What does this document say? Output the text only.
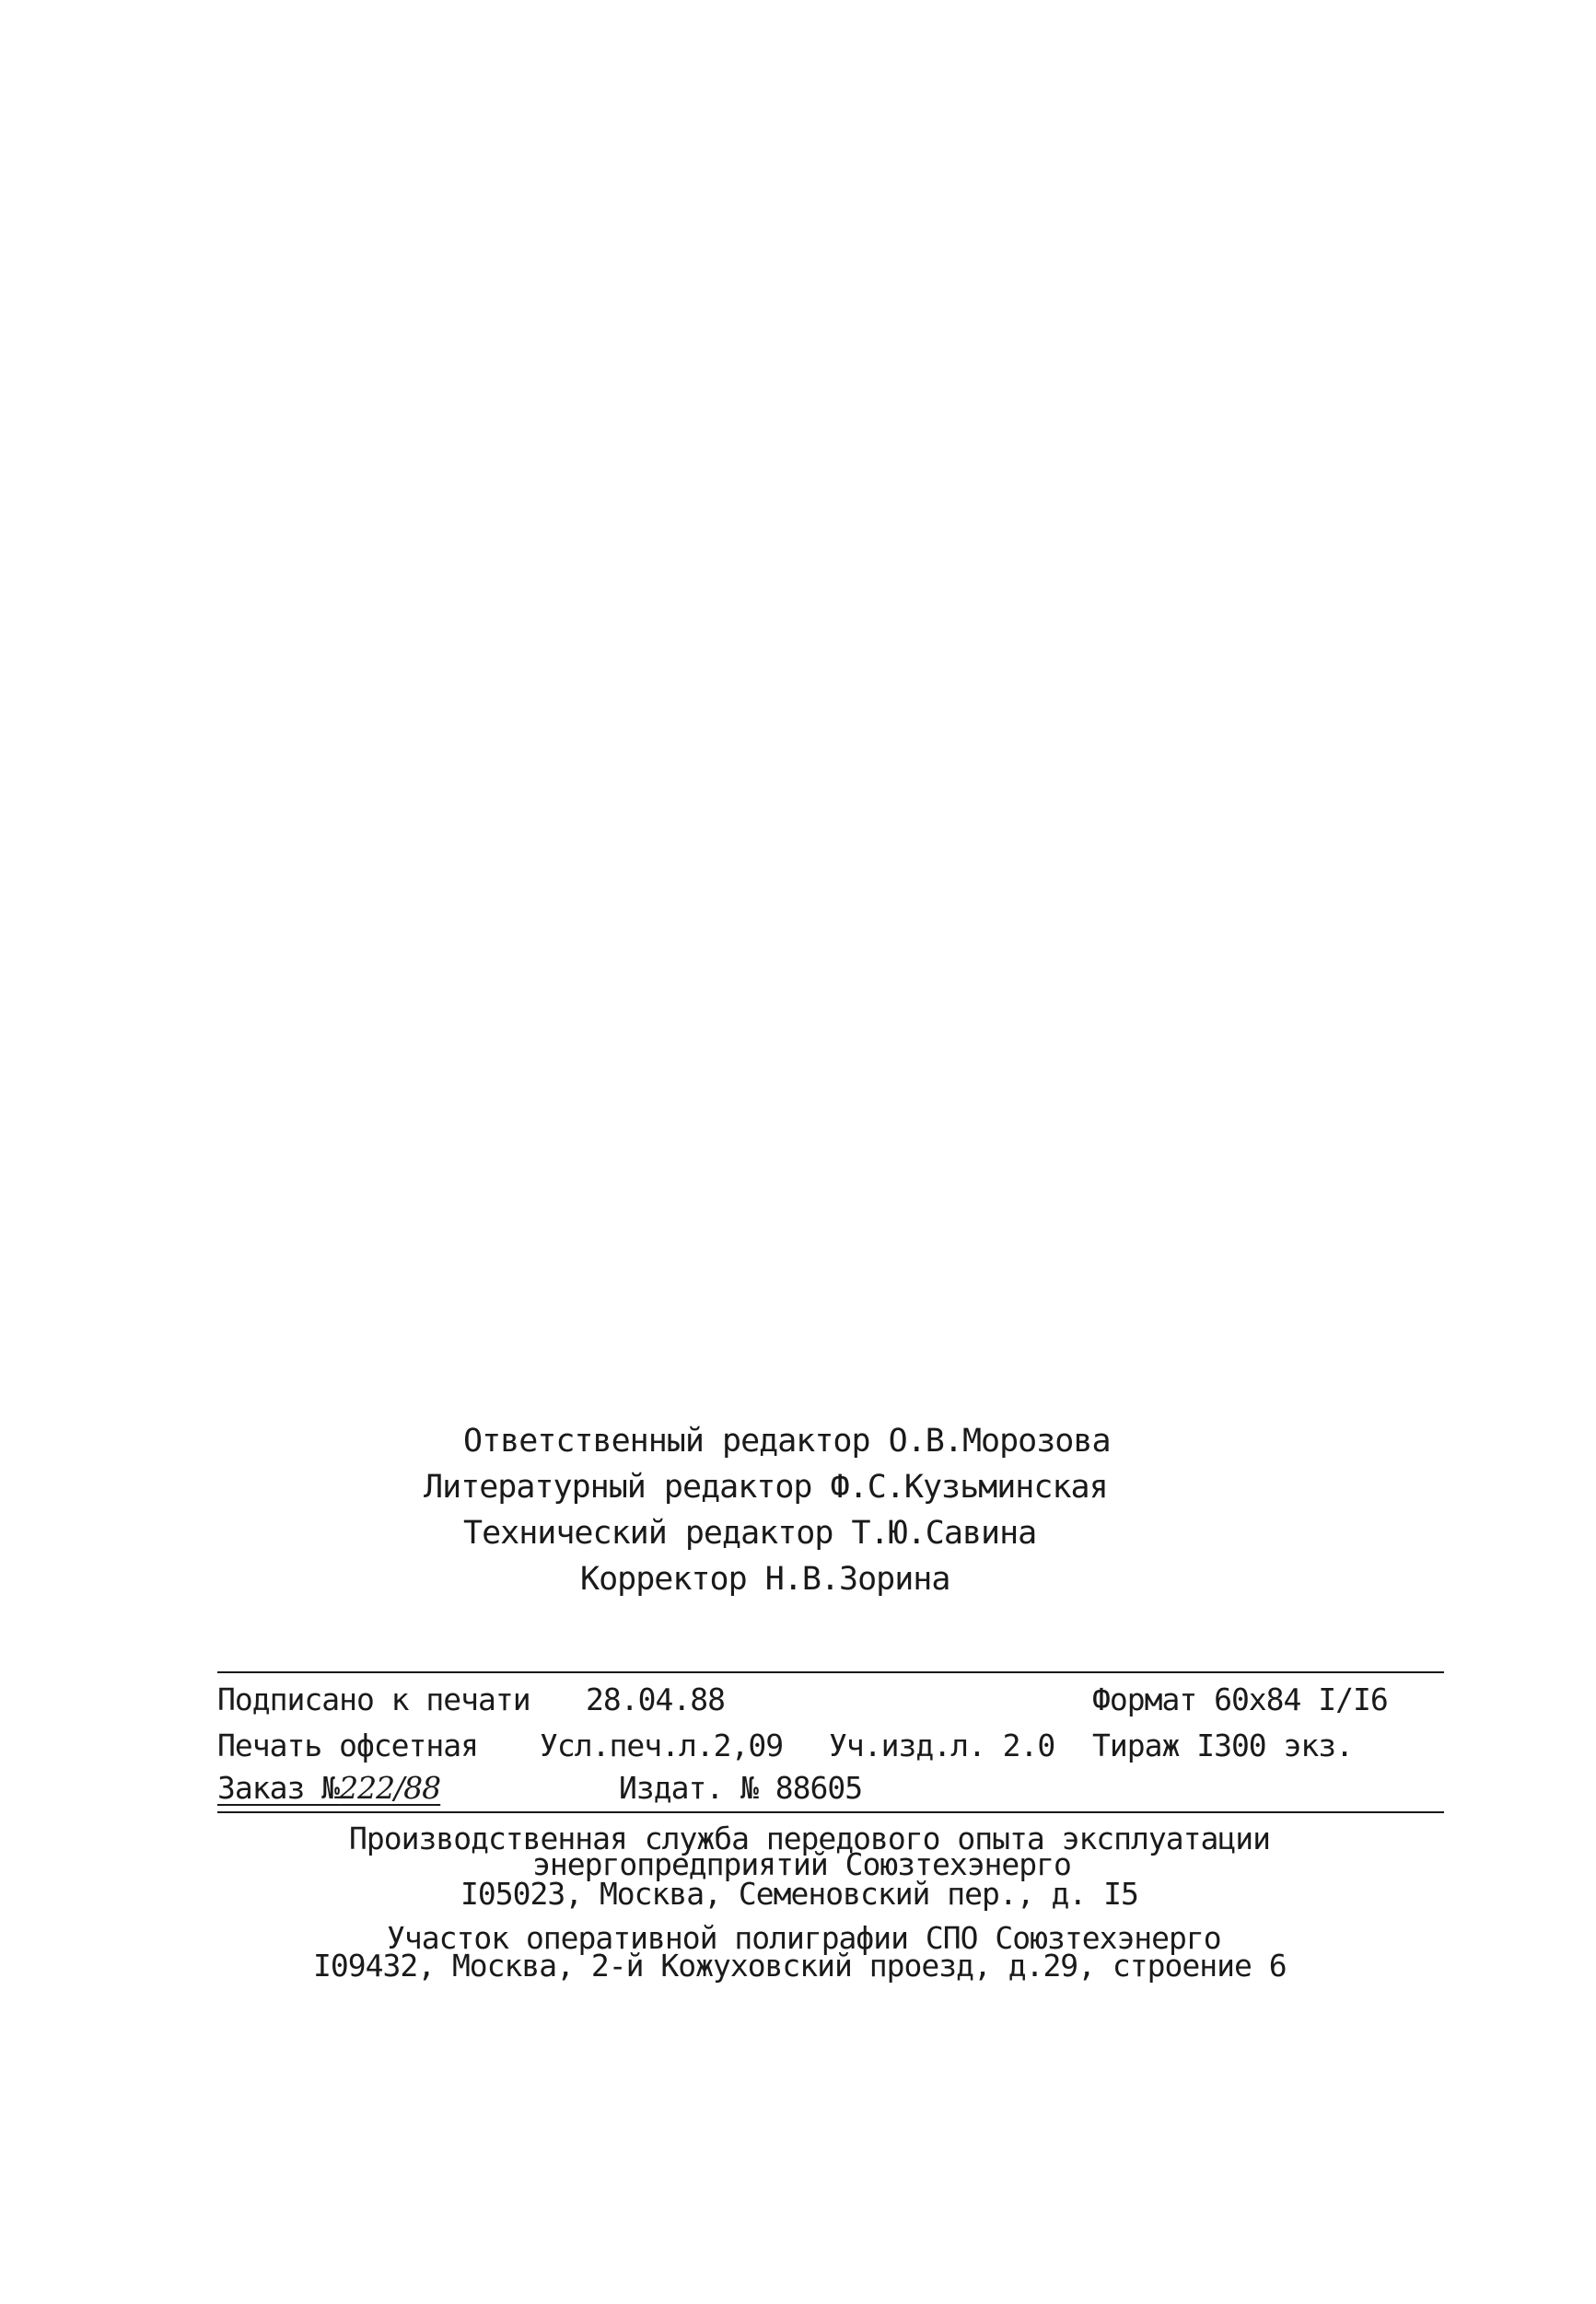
Ответственный редактор О.В.Морозова
Литературный редактор Ф.С.Кузьминская
Технический редактор Т.Ю.Савина
Корректор Н.В.Зорина
Подписано к печати 28.04.88	Формат 60х84 I/I6
Печать офсетная Усл.печ.л.2,09 Уч.изд.л. 2.0 Тираж I300 экз.
Заказ №222/88	Издат. № 88605
Производственная служба передового опыта эксплуатации
энергопредприятий Союзтехэнерго
I05023, Москва, Семеновский пер., д. I5
Участок оперативной полиграфии СПО Союзтехэнерго
I09432, Москва, 2-й Кожуховский проезд, д.29, строение 6
